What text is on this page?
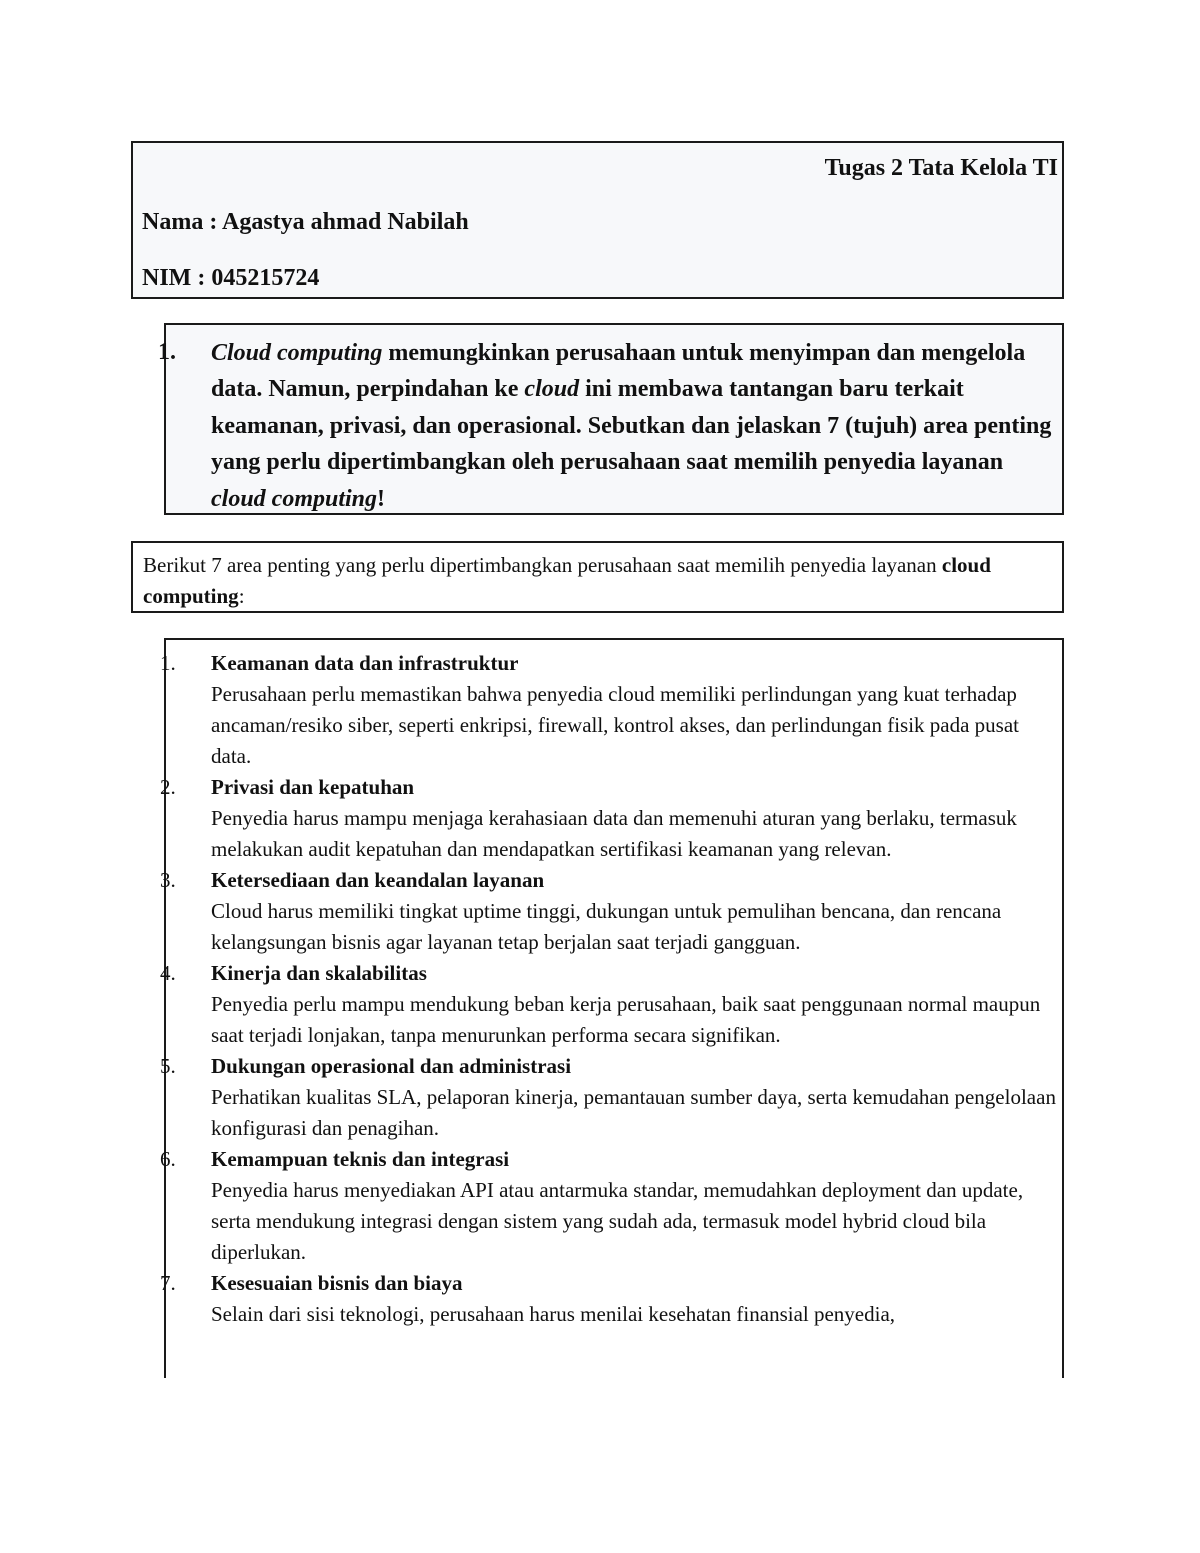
Tugas 2 Tata Kelola TI
Nama : Agastya ahmad Nabilah
NIM : 045215724
1. Cloud computing memungkinkan perusahaan untuk menyimpan dan mengelola data. Namun, perpindahan ke cloud ini membawa tantangan baru terkait keamanan, privasi, dan operasional. Sebutkan dan jelaskan 7 (tujuh) area penting yang perlu dipertimbangkan oleh perusahaan saat memilih penyedia layanan cloud computing!
Berikut 7 area penting yang perlu dipertimbangkan perusahaan saat memilih penyedia layanan cloud computing:
1. Keamanan data dan infrastruktur
Perusahaan perlu memastikan bahwa penyedia cloud memiliki perlindungan yang kuat terhadap ancaman/resiko siber, seperti enkripsi, firewall, kontrol akses, dan perlindungan fisik pada pusat data.
2. Privasi dan kepatuhan
Penyedia harus mampu menjaga kerahasiaan data dan memenuhi aturan yang berlaku, termasuk melakukan audit kepatuhan dan mendapatkan sertifikasi keamanan yang relevan.
3. Ketersediaan dan keandalan layanan
Cloud harus memiliki tingkat uptime tinggi, dukungan untuk pemulihan bencana, dan rencana kelangsungan bisnis agar layanan tetap berjalan saat terjadi gangguan.
4. Kinerja dan skalabilitas
Penyedia perlu mampu mendukung beban kerja perusahaan, baik saat penggunaan normal maupun saat terjadi lonjakan, tanpa menurunkan performa secara signifikan.
5. Dukungan operasional dan administrasi
Perhatikan kualitas SLA, pelaporan kinerja, pemantauan sumber daya, serta kemudahan pengelolaan konfigurasi dan penagihan.
6. Kemampuan teknis dan integrasi
Penyedia harus menyediakan API atau antarmuka standar, memudahkan deployment dan update, serta mendukung integrasi dengan sistem yang sudah ada, termasuk model hybrid cloud bila diperlukan.
7. Kesesuaian bisnis dan biaya
Selain dari sisi teknologi, perusahaan harus menilai kesehatan finansial penyedia,
